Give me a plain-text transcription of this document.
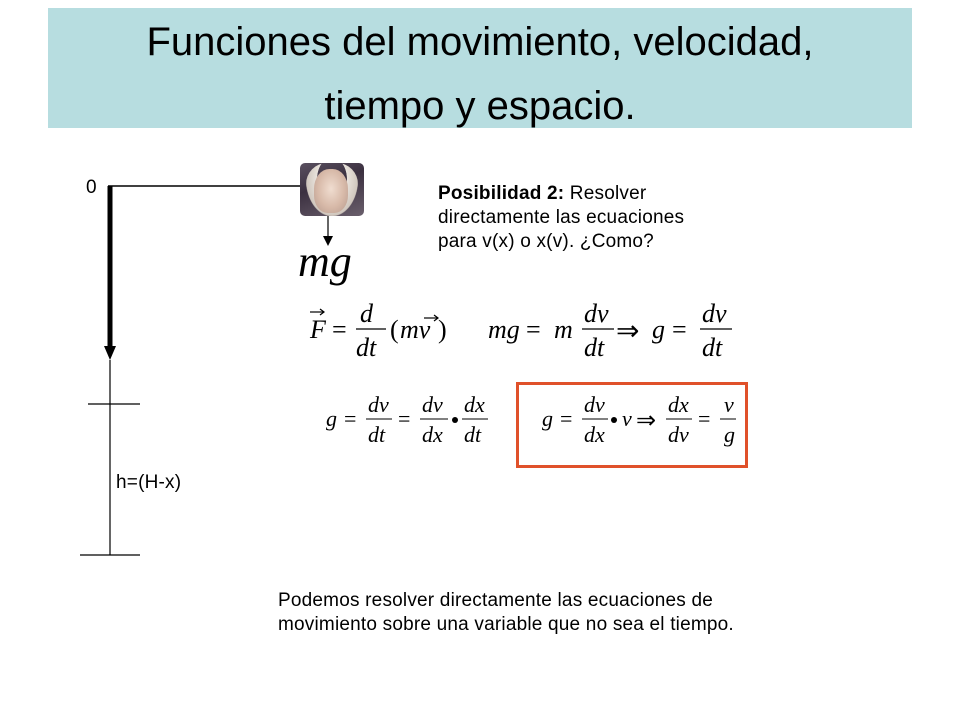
Funciones del movimiento, velocidad,
tiempo y espacio.
0
h=(H-x)
mg
Posibilidad 2: Resolver
directamente las ecuaciones
para v(x) o x(v). ¿Como?
F =
d
dt
( mv ) mg = m
dv
dt
⇒ g =
dv
dt
g =
dv
dt
=
dv
dx
dx
dt
g =
dv
dx
v ⇒
dx
dv
=
v
g
Podemos resolver directamente las ecuaciones de
movimiento sobre una variable que no sea el tiempo.
